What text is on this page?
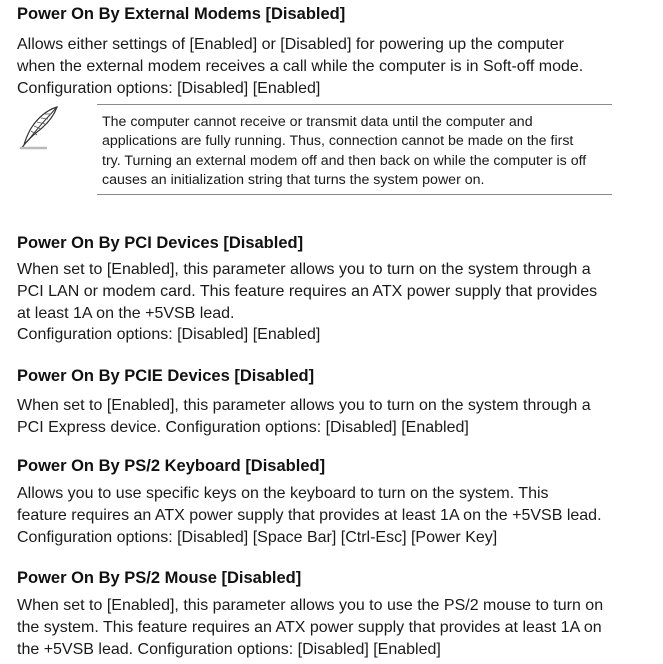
Power On By External Modems [Disabled]

Allows either settings of [Enabled] or [Disabled] for powering up the computer
when the external modem receives a call while the computer is in Soft-off mode.
Configuration options: [Disabled] [Enabled]

The computer cannot receive or transmit data until the computer and
applications are fully running. Thus, connection cannot be made on the first
try. Turning an external modem off and then back on while the computer is off
causes an initialization string that turns the system power on.
Power On By PCI Devices [Disabled]

When set to [Enabled], this parameter allows you to turn on the system through a
PCI LAN or modem card. This feature requires an ATX power supply that provides
at least 1A on the +5VSB lead.
Configuration options: [Disabled] [Enabled]

Power On By PCIE Devices [Disabled]

When set to [Enabled], this parameter allows you to turn on the system through a
PCI Express device. Configuration options: [Disabled] [Enabled]

Power On By PS/2 Keyboard [Disabled]

Allows you to use specific keys on the keyboard to turn on the system. This
feature requires an ATX power supply that provides at least 1A on the +5VSB lead.
Configuration options: [Disabled] [Space Bar] [Ctrl-Esc] [Power Key]

Power On By PS/2 Mouse [Disabled]

When set to [Enabled], this parameter allows you to use the PS/2 mouse to turn on
the system. This feature requires an ATX power supply that provides at least 1A on
the +5VSB lead. Configuration options: [Disabled] [Enabled]
